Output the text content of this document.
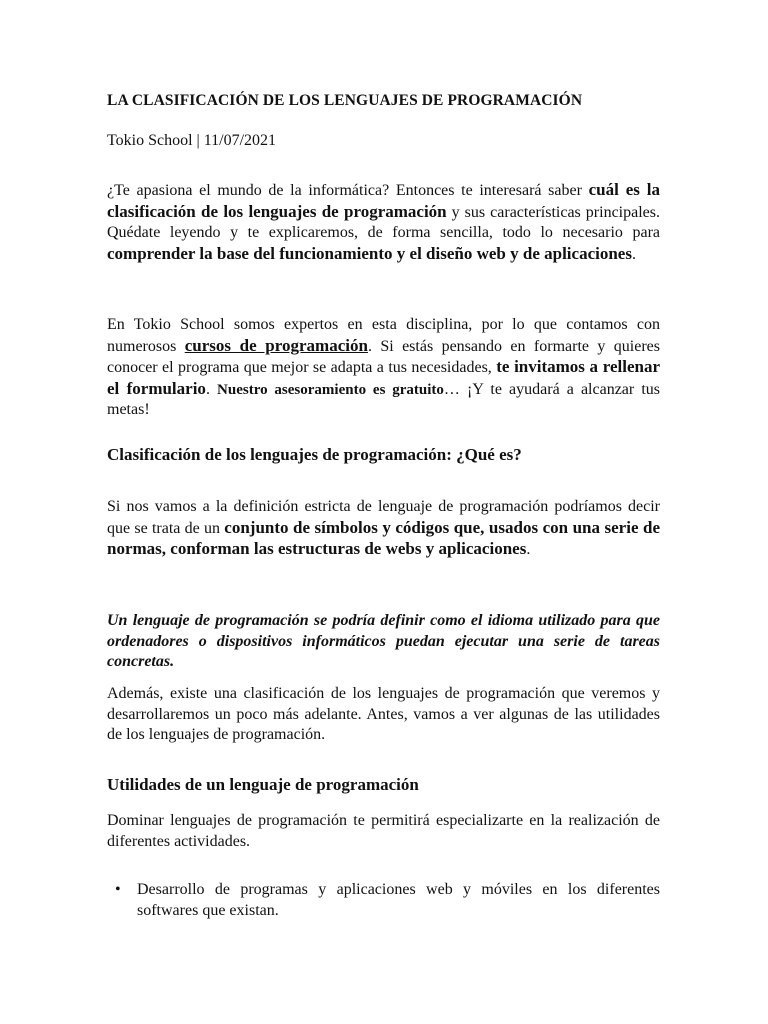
LA CLASIFICACIÓN DE LOS LENGUAJES DE PROGRAMACIÓN

Tokio School | 11/07/2021

¿Te apasiona el mundo de la informática? Entonces te interesará saber cuál es la clasificación de los lenguajes de programación y sus características principales. Quédate leyendo y te explicaremos, de forma sencilla, todo lo necesario para comprender la base del funcionamiento y el diseño web y de aplicaciones.

En Tokio School somos expertos en esta disciplina, por lo que contamos con numerosos cursos de programación. Si estás pensando en formarte y quieres conocer el programa que mejor se adapta a tus necesidades, te invitamos a rellenar el formulario. Nuestro asesoramiento es gratuito… ¡Y te ayudará a alcanzar tus metas!

Clasificación de los lenguajes de programación: ¿Qué es?

Si nos vamos a la definición estricta de lenguaje de programación podríamos decir que se trata de un conjunto de símbolos y códigos que, usados con una serie de normas, conforman las estructuras de webs y aplicaciones.

Un lenguaje de programación se podría definir como el idioma utilizado para que ordenadores o dispositivos informáticos puedan ejecutar una serie de tareas concretas.

Además, existe una clasificación de los lenguajes de programación que veremos y desarrollaremos un poco más adelante. Antes, vamos a ver algunas de las utilidades de los lenguajes de programación.

Utilidades de un lenguaje de programación

Dominar lenguajes de programación te permitirá especializarte en la realización de diferentes actividades.

• Desarrollo de programas y aplicaciones web y móviles en los diferentes softwares que existan.
